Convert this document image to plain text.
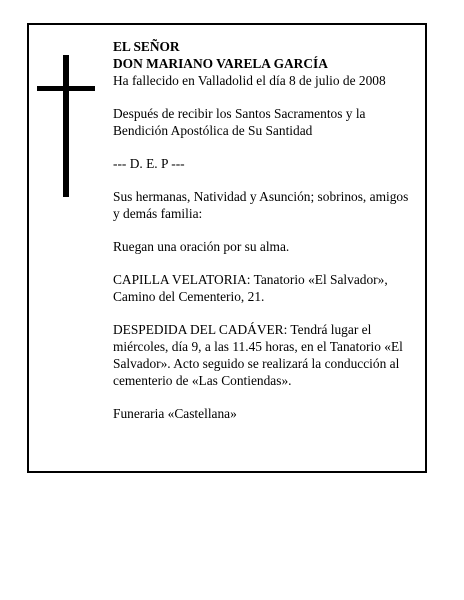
EL SEÑOR
DON MARIANO VARELA GARCÍA
Ha fallecido en Valladolid el día 8 de julio de 2008

Después de recibir los Santos Sacramentos y la Bendición Apostólica de Su Santidad

--- D. E. P ---

Sus hermanas, Natividad y Asunción; sobrinos, amigos y demás familia:

Ruegan una oración por su alma.

CAPILLA VELATORIA: Tanatorio «El Salvador», Camino del Cementerio, 21.

DESPEDIDA DEL CADÁVER: Tendrá lugar el miércoles, día 9, a las 11.45 horas, en el Tanatorio «El Salvador». Acto seguido se realizará la conducción al cementerio de «Las Contiendas».

Funeraria «Castellana»
